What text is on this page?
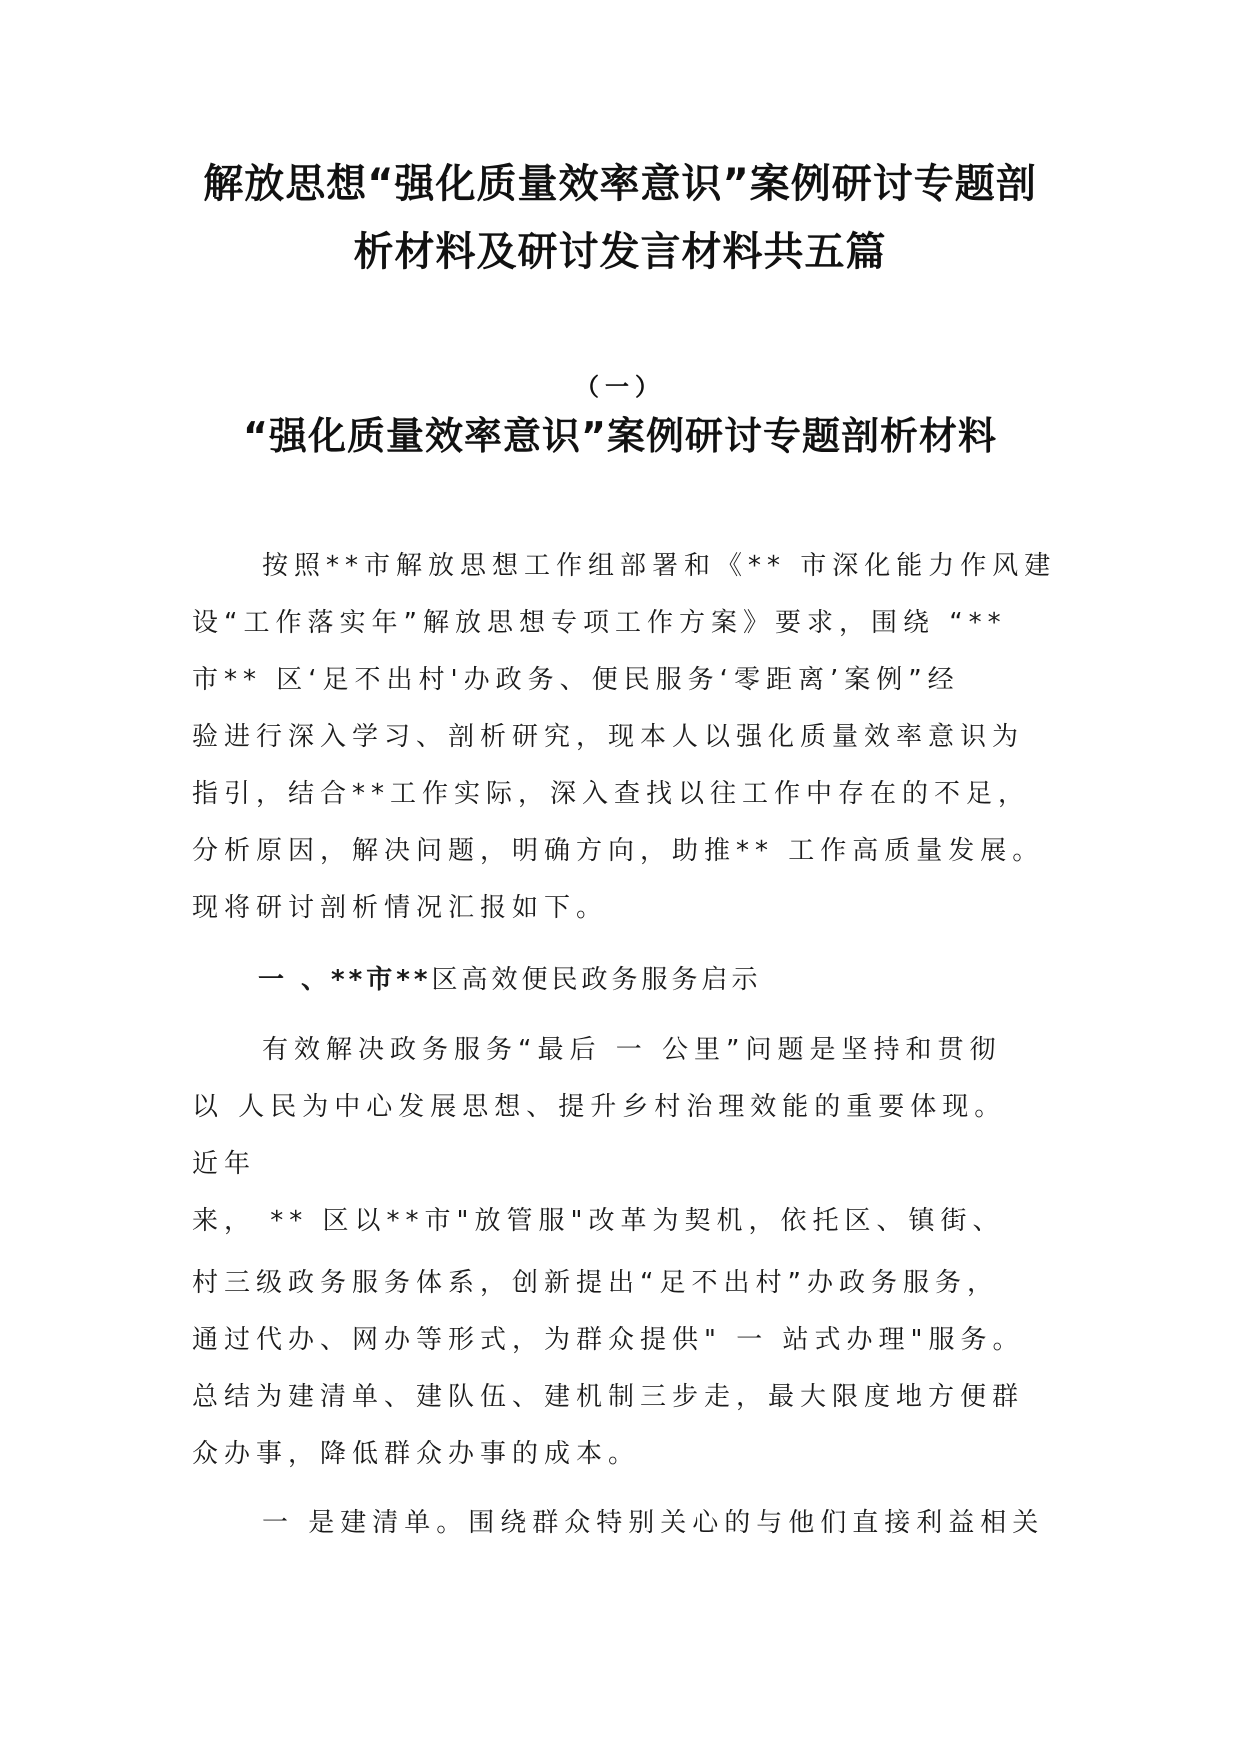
解放思想“强化质量效率意识”案例研讨专题剖
析材料及研讨发言材料共五篇
（一）
“强化质量效率意识”案例研讨专题剖析材料
按照**市解放思想工作组部署和《** 市深化能力作风建
设“工作落实年”解放思想专项工作方案》要求，围绕 “**
市** 区‘足不出村'办政务、便民服务‘零距离’案例”经
验进行深入学习、剖析研究，现本人以强化质量效率意识为
指引，结合**工作实际，深入查找以往工作中存在的不足，
分析原因，解决问题，明确方向，助推** 工作高质量发展。
现将研讨剖析情况汇报如下。
一 、**市**区高效便民政务服务启示
有效解决政务服务“最后 一 公里”问题是坚持和贯彻
以 人民为中心发展思想、提升乡村治理效能的重要体现。
近年
来， ** 区以**市"放管服"改革为契机，依托区、镇街、
村三级政务服务体系，创新提出“足不出村”办政务服务，
通过代办、网办等形式，为群众提供" 一 站式办理"服务。
总结为建清单、建队伍、建机制三步走，最大限度地方便群
众办事，降低群众办事的成本。
一 是建清单。围绕群众特别关心的与他们直接利益相关
